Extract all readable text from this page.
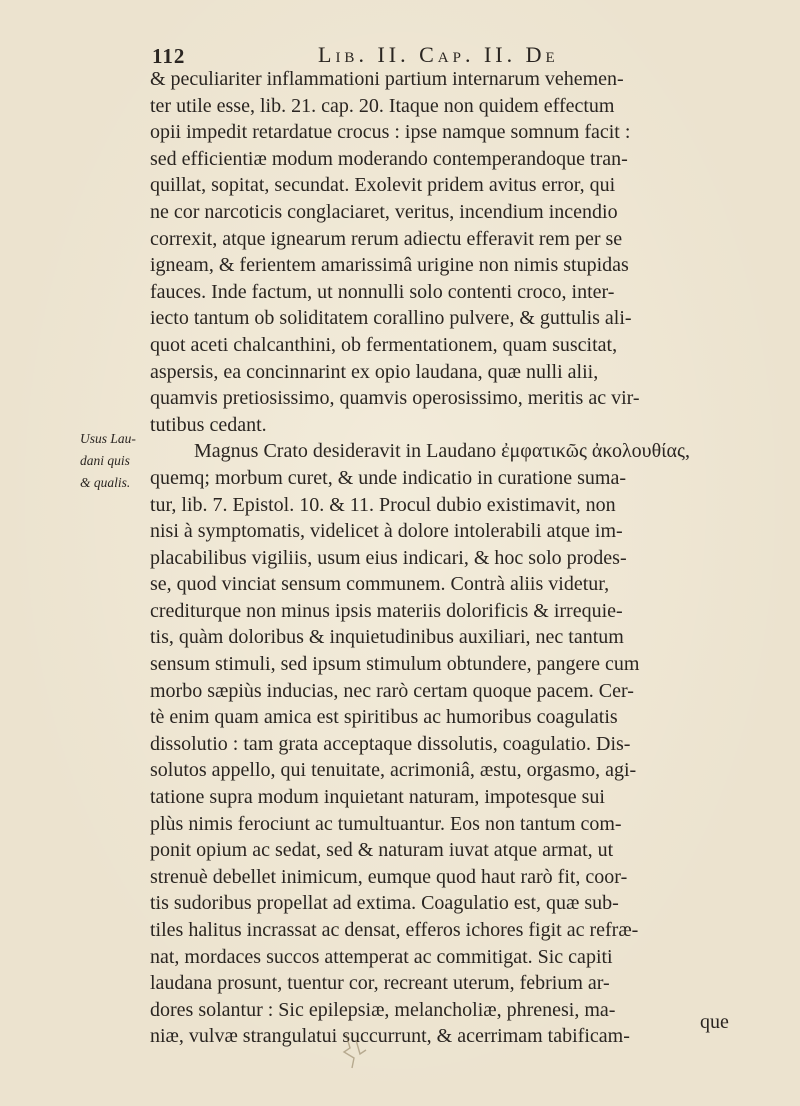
112	Lib. II. Cap. II. De
Usus Lau-
dani quis
& qualis.
& peculiariter inflammationi partium internarum vehemen-
ter utile esse, lib. 21. cap. 20. Itaque non quidem effectum
opii impedit retardatue crocus : ipse namque somnum facit :
sed efficientiæ modum moderando contemperandoque tran-
quillat, sopitat, secundat. Exolevit pridem avitus error, qui
ne cor narcoticis conglaciaret, veritus, incendium incendio
correxit, atque ignearum rerum adiectu efferavit rem per se
igneam, & ferientem amarissimâ urigine non nimis stupidas
fauces. Inde factum, ut nonnulli solo contenti croco, inter-
iecto tantum ob soliditatem corallino pulvere, & guttulis ali-
quot aceti chalcanthini, ob fermentationem, quam suscitat,
aspersis, ea concinnarint ex opio laudana, quæ nulli alii,
quamvis pretiosissimo, quamvis operosissimo, meritis ac vir-
tutibus cedant.
Magnus Crato desideravit in Laudano ἐμφατικῶς ἀκολουθίας,
quemq; morbum curet, & unde indicatio in curatione suma-
tur, lib. 7. Epistol. 10. & 11. Procul dubio existimavit, non
nisi à symptomatis, videlicet à dolore intolerabili atque im-
placabilibus vigiliis, usum eius indicari, & hoc solo prodes-
se, quod vinciat sensum communem. Contrà aliis videtur,
crediturque non minus ipsis materiis dolorificis & irrequie-
tis, quàm doloribus & inquietudinibus auxiliari, nec tantum
sensum stimuli, sed ipsum stimulum obtundere, pangere cum
morbo sæpiùs inducias, nec rarò certam quoque pacem. Cer-
tè enim quam amica est spiritibus ac humoribus coagulatis
dissolutio : tam grata acceptaque dissolutis, coagulatio. Dis-
solutos appello, qui tenuitate, acrimoniâ, æstu, orgasmo, agi-
tatione supra modum inquietant naturam, impotesque sui
plùs nimis ferociunt ac tumultuantur. Eos non tantum com-
ponit opium ac sedat, sed & naturam iuvat atque armat, ut
strenuè debellet inimicum, eumque quod haut rarò fit, coor-
tis sudoribus propellat ad extima. Coagulatio est, quæ sub-
tiles halitus incrassat ac densat, efferos ichores figit ac refræ-
nat, mordaces succos attemperat ac commitigat. Sic capiti
laudana prosunt, tuentur cor, recreant uterum, febrium ar-
dores solantur : Sic epilepsiæ, melancholiæ, phrenesi, ma-
niæ, vulvæ strangulatui succurrunt, & acerrimam tabificam-
que
